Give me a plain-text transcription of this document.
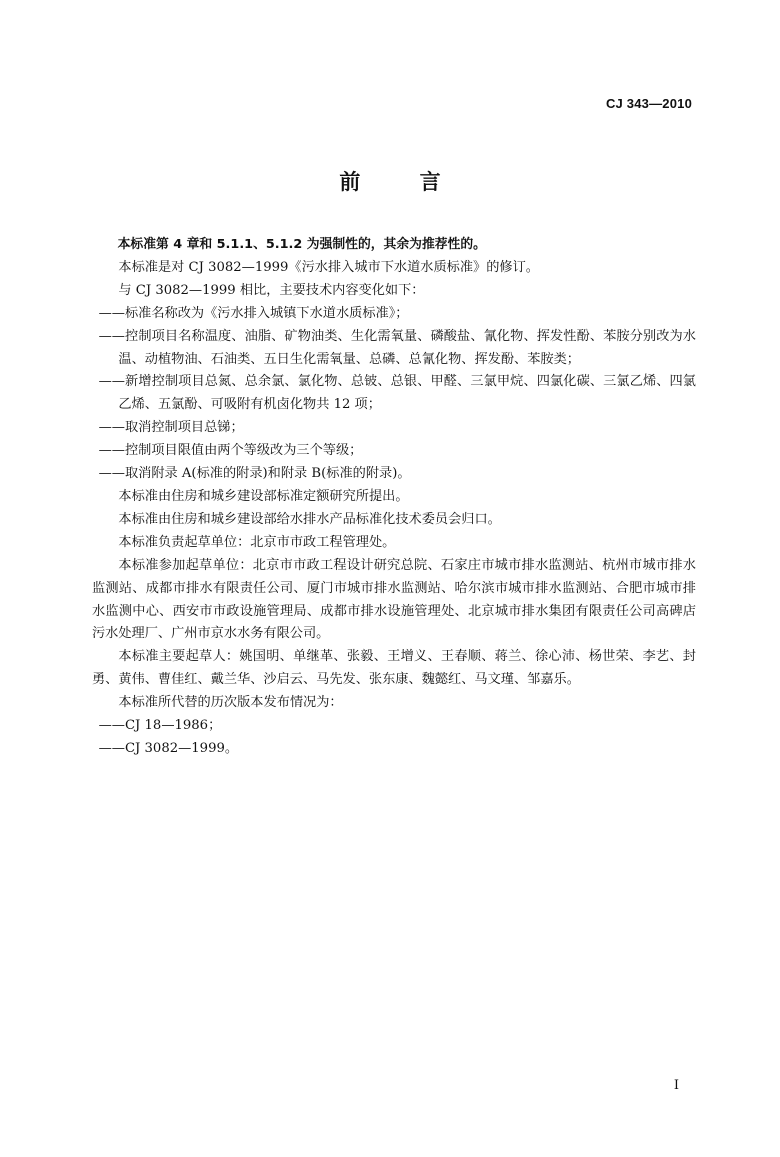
CJ 343—2010
前 言

本标准第 4 章和 5.1.1、5.1.2 为强制性的，其余为推荐性的。

本标准是对 CJ 3082—1999《污水排入城市下水道水质标准》的修订。

与 CJ 3082—1999 相比，主要技术内容变化如下：

——标准名称改为《污水排入城镇下水道水质标准》；

——控制项目名称温度、油脂、矿物油类、生化需氧量、磷酸盐、氰化物、挥发性酚、苯胺分别改为水温、动植物油、石油类、五日生化需氧量、总磷、总氰化物、挥发酚、苯胺类；

——新增控制项目总氮、总余氯、氯化物、总铍、总银、甲醛、三氯甲烷、四氯化碳、三氯乙烯、四氯乙烯、五氯酚、可吸附有机卤化物共 12 项；

——取消控制项目总锑；

——控制项目限值由两个等级改为三个等级；

——取消附录 A(标准的附录)和附录 B(标准的附录)。

本标准由住房和城乡建设部标准定额研究所提出。

本标准由住房和城乡建设部给水排水产品标准化技术委员会归口。

本标准负责起草单位：北京市市政工程管理处。

本标准参加起草单位：北京市市政工程设计研究总院、石家庄市城市排水监测站、杭州市城市排水监测站、成都市排水有限责任公司、厦门市城市排水监测站、哈尔滨市城市排水监测站、合肥市城市排水监测中心、西安市市政设施管理局、成都市排水设施管理处、北京城市排水集团有限责任公司高碑店污水处理厂、广州市京水水务有限公司。

本标准主要起草人：姚国明、单继革、张毅、王增义、王春顺、蒋兰、徐心沛、杨世荣、李艺、封勇、黄伟、曹佳红、戴兰华、沙启云、马先发、张东康、魏懿红、马文瑾、邹嘉乐。

本标准所代替的历次版本发布情况为：

——CJ 18—1986；

——CJ 3082—1999。

I
